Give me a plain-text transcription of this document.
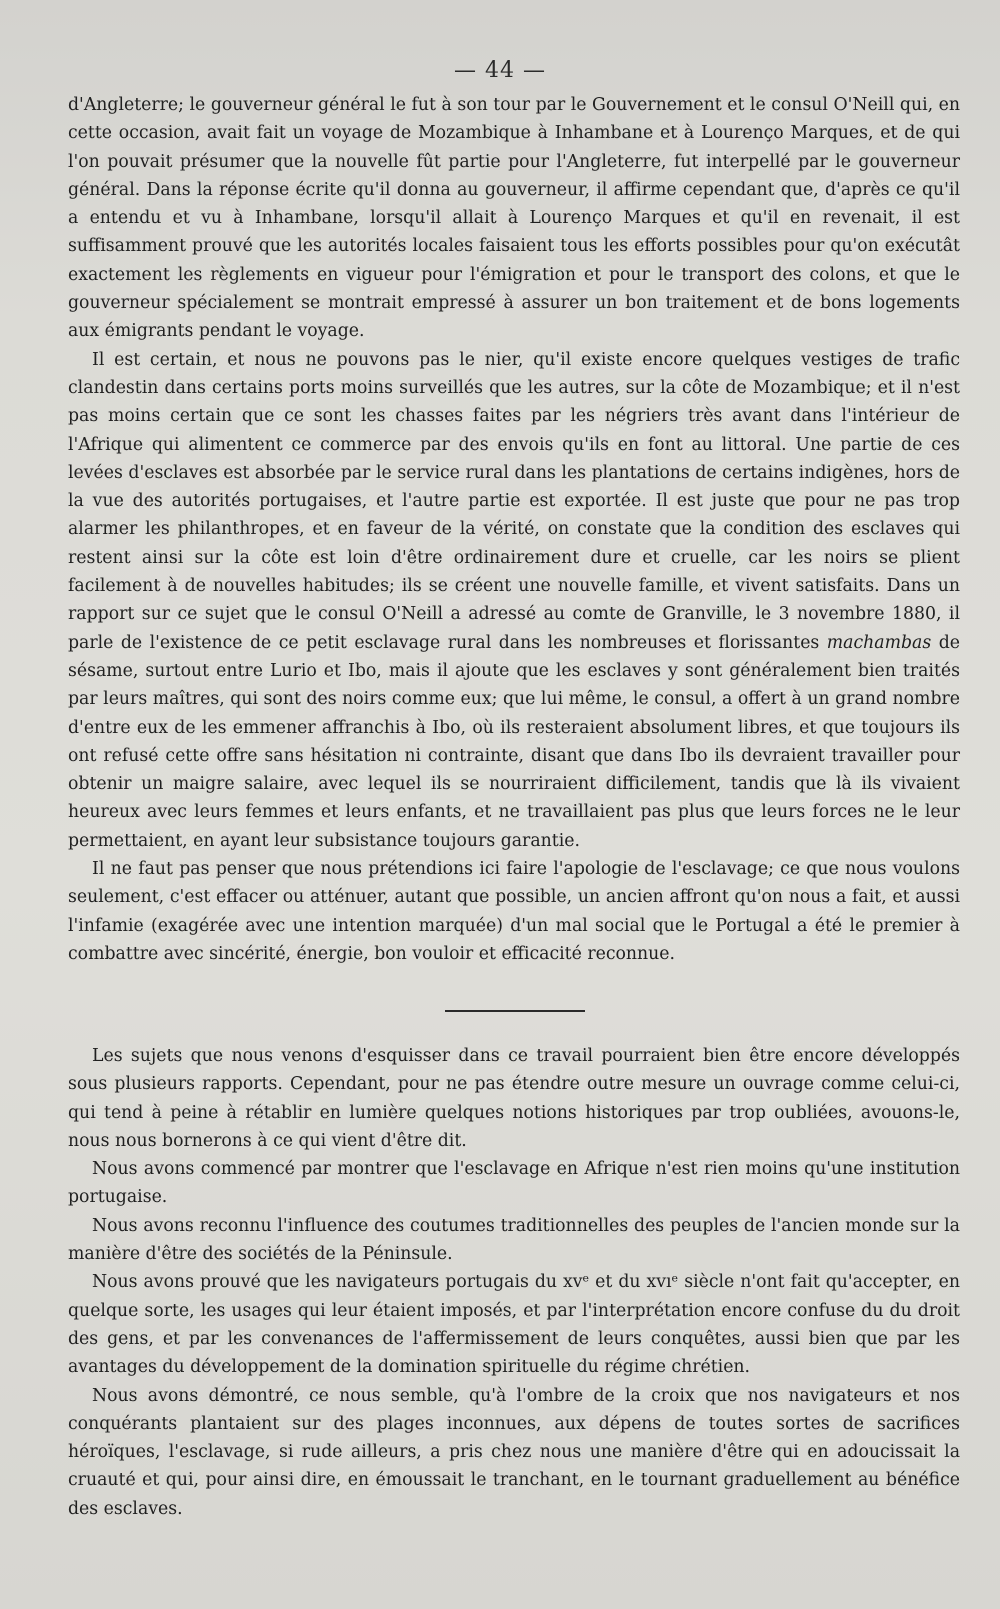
— 44 —

d'Angleterre; le gouverneur général le fut à son tour par le Gouvernement et le consul O'Neill qui, en cette occasion, avait fait un voyage de Mozambique à Inhambane et à Lourenço Marques, et de qui l'on pouvait présumer que la nouvelle fût partie pour l'Angleterre, fut interpellé par le gouverneur général. Dans la réponse écrite qu'il donna au gouverneur, il affirme cependant que, d'après ce qu'il a entendu et vu à Inhambane, lorsqu'il allait à Lourenço Marques et qu'il en revenait, il est suffisamment prouvé que les autorités locales faisaient tous les efforts possibles pour qu'on exécutât exactement les règlements en vigueur pour l'émigration et pour le transport des colons, et que le gouverneur spécialement se montrait empressé à assurer un bon traitement et de bons logements aux émigrants pendant le voyage.

Il est certain, et nous ne pouvons pas le nier, qu'il existe encore quelques vestiges de trafic clandestin dans certains ports moins surveillés que les autres, sur la côte de Mozambique; et il n'est pas moins certain que ce sont les chasses faites par les négriers très avant dans l'intérieur de l'Afrique qui alimentent ce commerce par des envois qu'ils en font au littoral. Une partie de ces levées d'esclaves est absorbée par le service rural dans les plantations de certains indigènes, hors de la vue des autorités portugaises, et l'autre partie est exportée. Il est juste que pour ne pas trop alarmer les philanthropes, et en faveur de la vérité, on constate que la condition des esclaves qui restent ainsi sur la côte est loin d'être ordinairement dure et cruelle, car les noirs se plient facilement à de nouvelles habitudes; ils se créent une nouvelle famille, et vivent satisfaits. Dans un rapport sur ce sujet que le consul O'Neill a adressé au comte de Granville, le 3 novembre 1880, il parle de l'existence de ce petit esclavage rural dans les nombreuses et florissantes machambas de sésame, surtout entre Lurio et Ibo, mais il ajoute que les esclaves y sont généralement bien traités par leurs maîtres, qui sont des noirs comme eux; que lui même, le consul, a offert à un grand nombre d'entre eux de les emmener affranchis à Ibo, où ils resteraient absolument libres, et que toujours ils ont refusé cette offre sans hésitation ni contrainte, disant que dans Ibo ils devraient travailler pour obtenir un maigre salaire, avec lequel ils se nourriraient difficilement, tandis que là ils vivaient heureux avec leurs femmes et leurs enfants, et ne travaillaient pas plus que leurs forces ne le leur permettaient, en ayant leur subsistance toujours garantie.

Il ne faut pas penser que nous prétendions ici faire l'apologie de l'esclavage; ce que nous voulons seulement, c'est effacer ou atténuer, autant que possible, un ancien affront qu'on nous a fait, et aussi l'infamie (exagérée avec une intention marquée) d'un mal social que le Portugal a été le premier à combattre avec sincérité, énergie, bon vouloir et efficacité reconnue.

Les sujets que nous venons d'esquisser dans ce travail pourraient bien être encore développés sous plusieurs rapports. Cependant, pour ne pas étendre outre mesure un ouvrage comme celui-ci, qui tend à peine à rétablir en lumière quelques notions historiques par trop oubliées, avouons-le, nous nous bornerons à ce qui vient d'être dit.

Nous avons commencé par montrer que l'esclavage en Afrique n'est rien moins qu'une institution portugaise.

Nous avons reconnu l'influence des coutumes traditionnelles des peuples de l'ancien monde sur la manière d'être des sociétés de la Péninsule.

Nous avons prouvé que les navigateurs portugais du xvᵉ et du xvıᵉ siècle n'ont fait qu'accepter, en quelque sorte, les usages qui leur étaient imposés, et par l'interprétation encore confuse du du droit des gens, et par les convenances de l'affermissement de leurs conquêtes, aussi bien que par les avantages du développement de la domination spirituelle du régime chrétien.

Nous avons démontré, ce nous semble, qu'à l'ombre de la croix que nos navigateurs et nos conquérants plantaient sur des plages inconnues, aux dépens de toutes sortes de sacrifices héroïques, l'esclavage, si rude ailleurs, a pris chez nous une manière d'être qui en adoucissait la cruauté et qui, pour ainsi dire, en émoussait le tranchant, en le tournant graduellement au bénéfice des esclaves.
